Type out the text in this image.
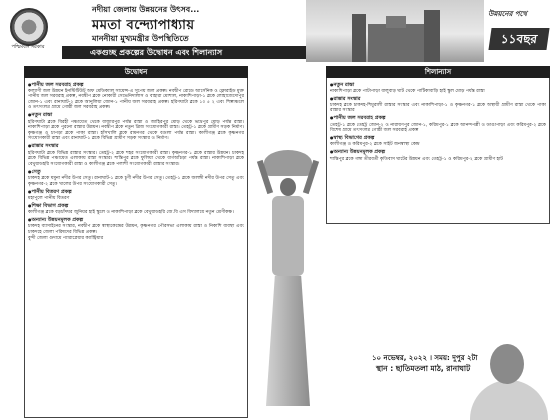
পশ্চিমবঙ্গ সরকার
নদীয়া জেলায় উন্নয়নের উৎসব...
মমতা বন্দ্যোপাধ্যায়
মাননীয়া মুখ্যমন্ত্রীর উপস্থিতিতে
একগুচ্ছ প্রকল্পের উদ্বোধন এবং শিলান্যাস
উন্নয়নের পথে
১১বছর
উদ্বোধন
● পানীয় জল সরবরাহ প্রকল্প

কল্যাণী জল উন্নয়ন ইনস্টিটিউট অফ মেডিক্যাল সায়েন্স-এ সুপেয় জল প্রকল্প। নবদ্বীপ রোডে আর্সেনিক ও ফ্লোরাইড মুক্ত পানীয় জল সরবরাহ প্রকল্প, নবদ্বীপ ব্লকে নোকারী সেভেনিদালাস ও বাহারা মোশাল, নাকাশিপাড়া-১ ব্লকে লোহাজেদোপুর জোন-১ এবং রানাঘাট-২ ব্লকে আনুলিয়া জোন-১ পানীয় জল সরবরাহ প্রকল্প। হরিণঘাটা ব্লকে ১০ ৫ ২ এবং শিল্পাঞ্চলে ও তৎসংলগ্ন গ্রামে গোষ্ঠী জল সরবরাহ প্রকল্প।

● নতুন রাস্তা

হরিণঘাটা ব্লকে বিরহী পঞ্চায়েত থেকে বাজারপুর পর্যন্ত রাস্তা ও জাহিরপুর মোড় থেকে ভাদ্রপুর মোড় পর্যন্ত রাস্তা। নাকাশিপাড়া ব্লকে পুরনো রাস্তার উন্নয়ন। নবদ্বীপ ব্লকে নতুন ব্রিজ সংযোগকারী রাস্তা। তেহট্ট-১ ব্লকে গ্রামীণ সড়ক নির্মাণ। কৃষ্ণগঞ্জ ও চাপড়া ব্লকে পাকা রাস্তা। হাঁসখালি ব্লকে রামনগর থেকে বগুলা পর্যন্ত রাস্তা। কালীগঞ্জ ব্লকে কৃষ্ণনগর সংযোগকারী রাস্তা এবং রানাঘাট-১ ব্লকে বিভিন্ন গ্রামীণ সড়ক সংস্কার ও নির্মাণ।

● রাস্তার সংস্কার

হরিণঘাটা ব্লকে বিভিন্ন রাস্তার সংস্কার। তেহট্ট-২ ব্লকে শহর সংযোগকারী রাস্তা। কৃষ্ণনগর-১ ব্লকে রাস্তার উন্নয়ন। চাকদহ ব্লকে বিভিন্ন পঞ্চায়েত এলাকায় রাস্তা সংস্কার। শান্তিপুর ব্লকে ফুলিয়া থেকে বাগআঁচড়া পর্যন্ত রাস্তা। নাকাশিপাড়া ব্লকে বেথুয়াডহরি সংযোগকারী রাস্তা ও কালীগঞ্জ ব্লকে পলাশী সংযোগকারী রাস্তার সংস্কার।

● সেতু

চাকদহ ব্লকে যমুনা নদীর উপর সেতু। রানাঘাট-১ ব্লকে চূর্ণী নদীর উপর সেতু। তেহট্ট-১ ব্লকে জলঙ্গী নদীর উপর সেতু এবং কৃষ্ণনগর-২ ব্লকে খালের উপর সংযোগকারী সেতু।

● পানীয় বিতরণ প্রকল্প

মহাপুলে পানীয় বিতরণ

● শিক্ষা বিভাগ প্রকল্প

কালীগঞ্জ ব্লকে বড়চাঁদঘর জুনিয়র হাই স্কুলে ও নাকাশিপাড়া ব্লকে বেথুয়াডহরি জে.বি এস বিদ্যালয়ে নতুন শ্রেণীকক্ষ।

● অন্যান্য উন্নয়নমূলক প্রকল্প

চাকদহ ব্যাসাইনের সংস্কার, নবদ্বীপ ব্লকে স্বাস্থ্যকেন্দ্রের উন্নয়ন, কৃষ্ণনগর পৌরসভা এলাকায় রাস্তা ও নিকাশি ব্যবস্থা এবং চাকদহে জেলা পরিষদের বিভিন্ন প্রকল্প।

বুন্দী জেলা গুদামে প্যারাপ্লেয়ার ক্যান্ট্রিয়ার

শিলান্যাস
● নতুন রাস্তা

নাকাশিপাড়া ব্লকে পাটাপাড়া বালুবাড় ঘাট থেকে পাটিকাবাড়ি হাই স্কুল মোড় পর্যন্ত রাস্তা

● রাস্তার সংস্কার

চাকদহ ব্লকে চাকদহ-শিমুরালী রাস্তার সংস্কার এবং নাকাশিপাড়া-১ ও কৃষ্ণনগর-১ ব্লকে অস্থায়ী গ্রামীণ রাস্তা থেকে পাকা রাস্তার সংস্কার

● পানীয় জল সরবরাহ প্রকল্প

তেহট্ট-১ ব্লকে তেহট্ট জোন-২ ও নারায়ণপুর জোন-১, করিমপুর-১ ব্লকে আনন্দপল্লী ও ডাঙাপাড়া এবং করিমপুর-২ ব্লকে বিশেষ গ্রামে তৎসংলগ্ন গোষ্ঠী জল সরবরাহ প্রকল্প

● স্বাস্থ্য বিভাগের প্রকল্প

কালীগঞ্জ ও করিমপুর-২ ব্লকে সাইট জনস্বাস্থ্য কেন্দ্র

● অন্যান্য উন্নয়নমূলক প্রকল্প

শান্তিপুর ব্লকে গঙ্গা তীরবর্তী কৃতিবাস ঘাটের উন্নয়ন এবং তেহট্ট-১ ও করিমপুর-২ ব্লকে গ্রামীণ হাট

১০ নভেম্বর, ২০২২ । সময়: দুপুর ২টা
স্থান : ছাতিমতলা মাঠ, রানাঘাট
